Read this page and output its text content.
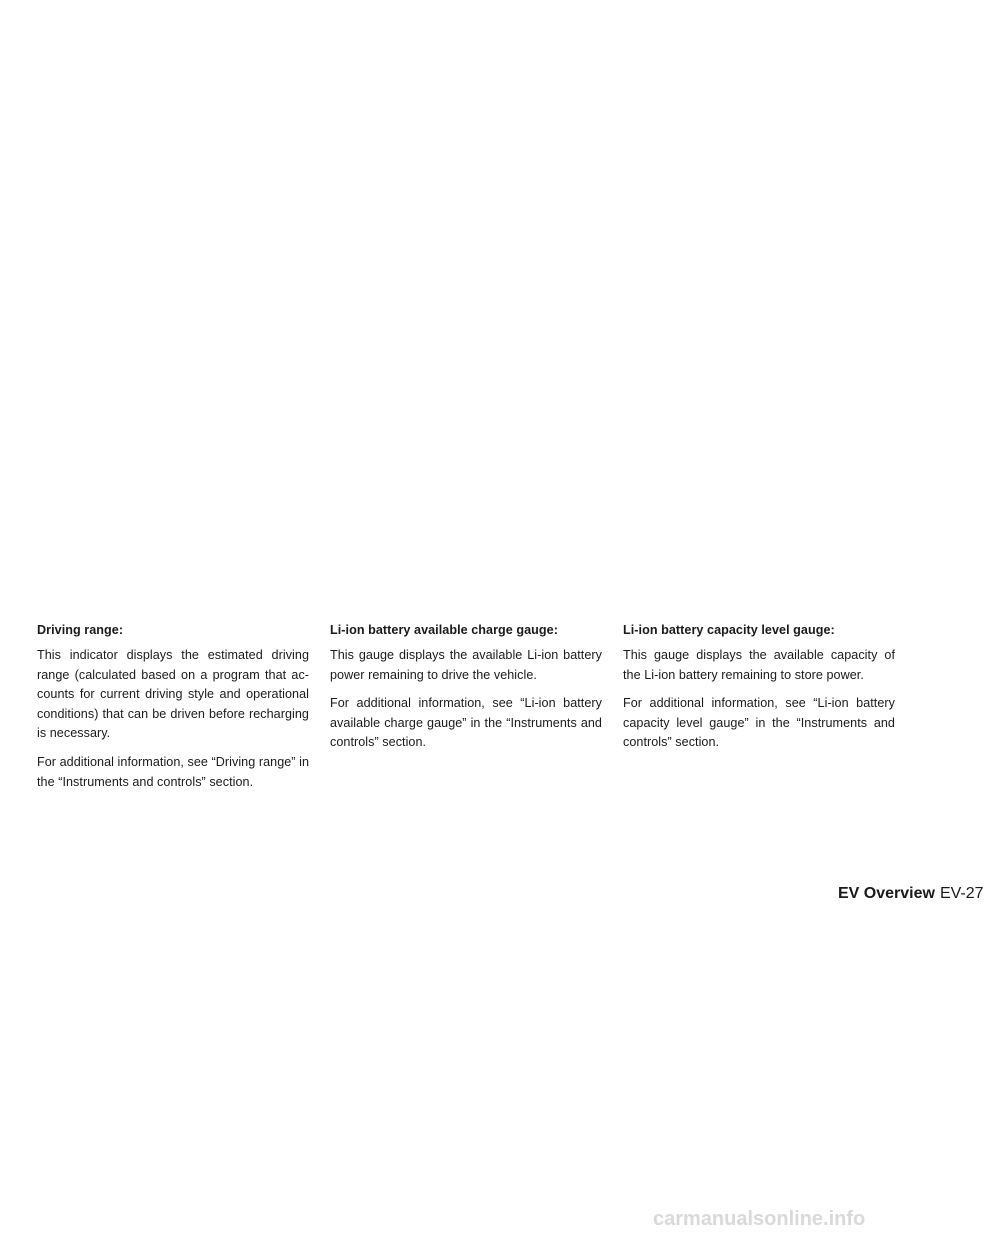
Driving range:

This indicator displays the estimated driving range (calculated based on a program that accounts for current driving style and operational conditions) that can be driven before recharging is necessary.

For additional information, see “Driving range” in the “Instruments and controls” section.

Li-ion battery available charge gauge:

This gauge displays the available Li-ion battery power remaining to drive the vehicle.

For additional information, see “Li-ion battery available charge gauge” in the “Instruments and controls” section.

Li-ion battery capacity level gauge:

This gauge displays the available capacity of the Li-ion battery remaining to store power.

For additional information, see “Li-ion battery capacity level gauge” in the “Instruments and controls” section.

EV Overview EV-27
carmanualsonline.info
